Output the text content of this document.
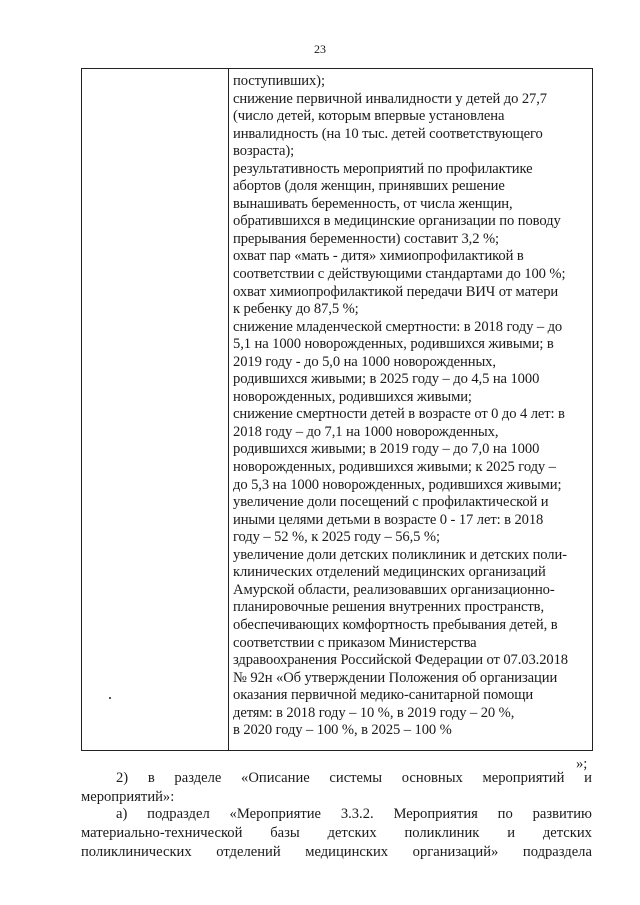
23
поступивших);
снижение первичной инвалидности у детей до 27,7
(число детей, которым впервые установлена
инвалидность (на 10 тыс. детей соответствующего
возраста);
результативность мероприятий по профилактике
абортов (доля женщин, принявших решение
вынашивать беременность, от числа женщин,
обратившихся в медицинские организации по поводу
прерывания беременности) составит 3,2 %;
охват пар «мать - дитя» химиопрофилактикой в
соответствии с действующими стандартами до 100 %;
охват химиопрофилактикой передачи ВИЧ от матери
к ребенку до 87,5 %;
снижение младенческой смертности: в 2018 году – до
5,1 на 1000 новорожденных, родившихся живыми; в
2019 году - до 5,0 на 1000 новорожденных,
родившихся живыми; в 2025 году – до 4,5 на 1000
новорожденных, родившихся живыми;
снижение смертности детей в возрасте от 0 до 4 лет: в
2018 году – до 7,1 на 1000 новорожденных,
родившихся живыми; в 2019 году – до 7,0 на 1000
новорожденных, родившихся живыми; к 2025 году –
до 5,3 на 1000 новорожденных, родившихся живыми;
увеличение доли посещений с профилактической и
иными целями детьми в возрасте 0 - 17 лет: в 2018
году – 52 %, к 2025 году – 56,5 %;
увеличение доли детских поликлиник и детских поли-
клинических отделений медицинских организаций
Амурской области, реализовавших организационно-
планировочные решения внутренних пространств,
обеспечивающих комфортность пребывания детей, в
соответствии с приказом Министерства
здравоохранения Российской Федерации от 07.03.2018
№ 92н «Об утверждении Положения об организации
оказания первичной медико-санитарной помощи
детям: в 2018 году – 10 %, в 2019 году – 20 %,
в 2020 году – 100 %, в 2025 – 100 %
»;
2) в разделе «Описание системы основных мероприятий и
мероприятий»:
а) подраздел «Мероприятие 3.3.2. Мероприятия по развитию
материально-технической базы детских поликлиник и детских
поликлинических отделений медицинских организаций» подраздела
